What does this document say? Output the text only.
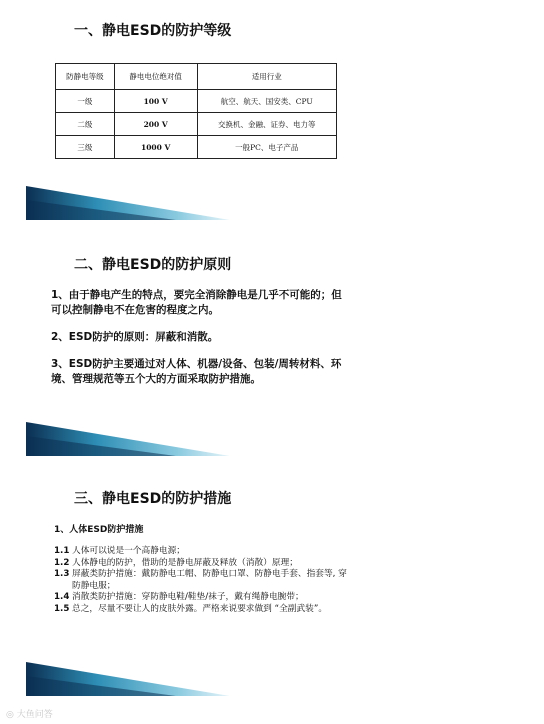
一、静电ESD的防护等级
防静电等级	静电电位绝对值	适用行业
一级	100 V	航空、航天、国安类、CPU
二级	200 V	交换机、金融、证券、电力等
三级	1000 V	一般PC、电子产品
二、静电ESD的防护原则

1、由于静电产生的特点，要完全消除静电是几乎不可能的；但可以控制静电不在危害的程度之内。

2、ESD防护的原则：屏蔽和消散。

3、ESD防护主要通过对人体、机器/设备、包装/周转材料、环境、管理规范等五个大的方面采取防护措施。

三、静电ESD的防护措施
1、人体ESD防护措施

1.1 人体可以说是一个高静电源；

1.2 人体静电的防护，借助的是静电屏蔽及释放（消散）原理；

1.3 屏蔽类防护措施：戴防静电工帽、防静电口罩、防静电手套、指套等, 穿防静电服；

1.4 消散类防护措施：穿防静电鞋/鞋垫/袜子，戴有绳静电腕带；

1.5 总之，尽量不要让人的皮肤外露。严格来说要求做到 “全副武装”。

◎ 大鱼问答
